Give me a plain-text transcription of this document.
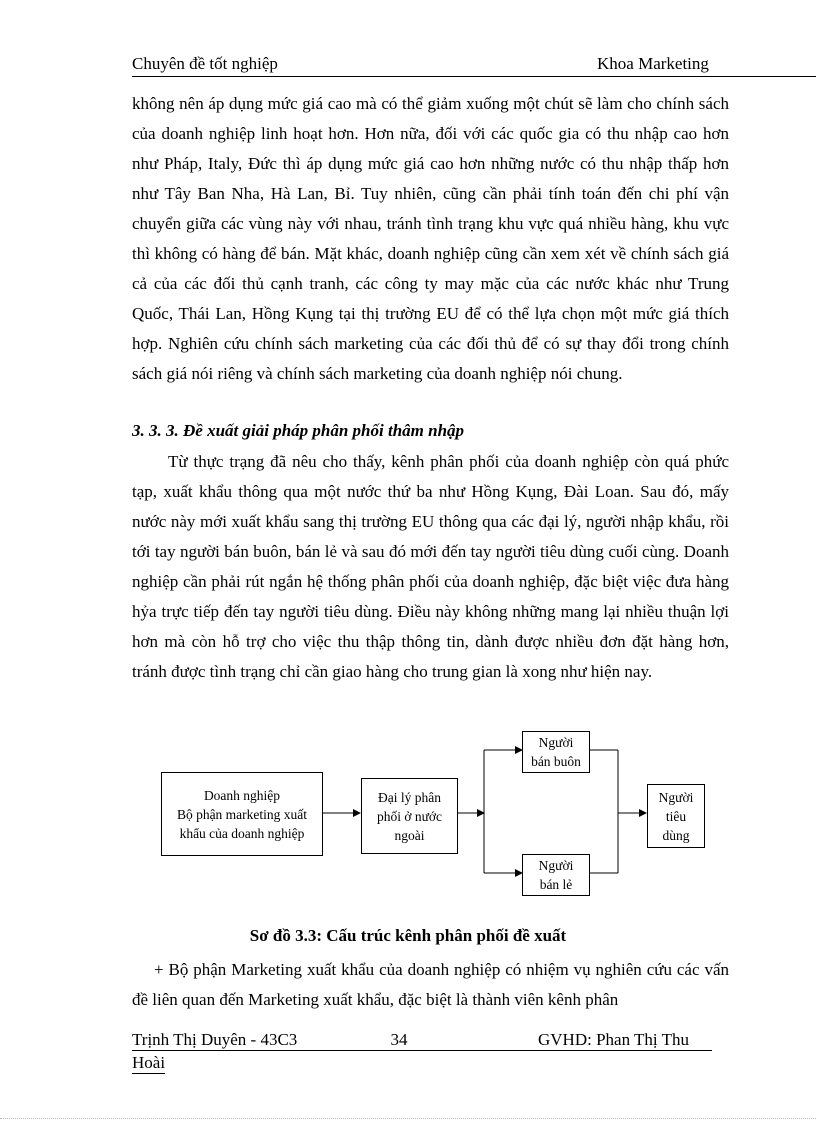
Chuyên đề tốt nghiệp	Khoa Marketing
không nên áp dụng mức giá cao mà có thể giảm xuống một chút sẽ làm cho chính sách của doanh nghiệp linh hoạt hơn. Hơn nữa, đối với các quốc gia có thu nhập cao hơn như Pháp, Italy, Đức thì áp dụng mức giá cao hơn những nước có thu nhập thấp hơn như Tây Ban Nha, Hà Lan, Bỉ. Tuy nhiên, cũng cần phải tính toán đến chi phí vận chuyển giữa các vùng này với nhau, tránh tình trạng khu vực quá nhiều hàng, khu vực thì không có hàng để bán. Mặt khác, doanh nghiệp cũng cần xem xét về chính sách giá cả của các đối thủ cạnh tranh, các công ty may mặc của các nước khác như Trung Quốc, Thái Lan, Hồng Kụng tại thị trường EU để có thể lựa chọn một mức giá thích hợp. Nghiên cứu chính sách marketing của các đối thủ để có sự thay đổi trong chính sách giá nói riêng và chính sách marketing của doanh nghiệp nói chung.
3. 3. 3. Đề xuất giải pháp phân phối thâm nhập
Từ thực trạng đã nêu cho thấy, kênh phân phối của doanh nghiệp còn quá phức tạp, xuất khẩu thông qua một nước thứ ba như Hồng Kụng, Đài Loan. Sau đó, mấy nước này mới xuất khẩu sang thị trường EU thông qua các đại lý, người nhập khẩu, rồi tới tay người bán buôn, bán lẻ và sau đó mới đến tay người tiêu dùng cuối cùng. Doanh nghiệp cần phải rút ngắn hệ thống phân phối của doanh nghiệp, đặc biệt việc đưa hàng hỷa trực tiếp đến tay người tiêu dùng. Điều này không những mang lại nhiều thuận lợi hơn mà còn hỗ trợ cho việc thu thập thông tin, dành được nhiều đơn đặt hàng hơn, tránh được tình trạng chỉ cần giao hàng cho trung gian là xong như hiện nay.
Doanh nghiệp
Bộ phận marketing xuất
khẩu của doanh nghiệp
Đại lý phân
phối ở nước
ngoài
Người
bán buôn
Người
bán lẻ
Người
tiêu
dùng
Sơ đồ 3.3: Cấu trúc kênh phân phối đề xuất
+ Bộ phận Marketing xuất khẩu của doanh nghiệp có nhiệm vụ nghiên cứu các vấn đề liên quan đến Marketing xuất khẩu, đặc biệt là thành viên kênh phân
Trịnh Thị Duyên - 43C3	34	GVHD: Phan Thị Thu
Hoài
